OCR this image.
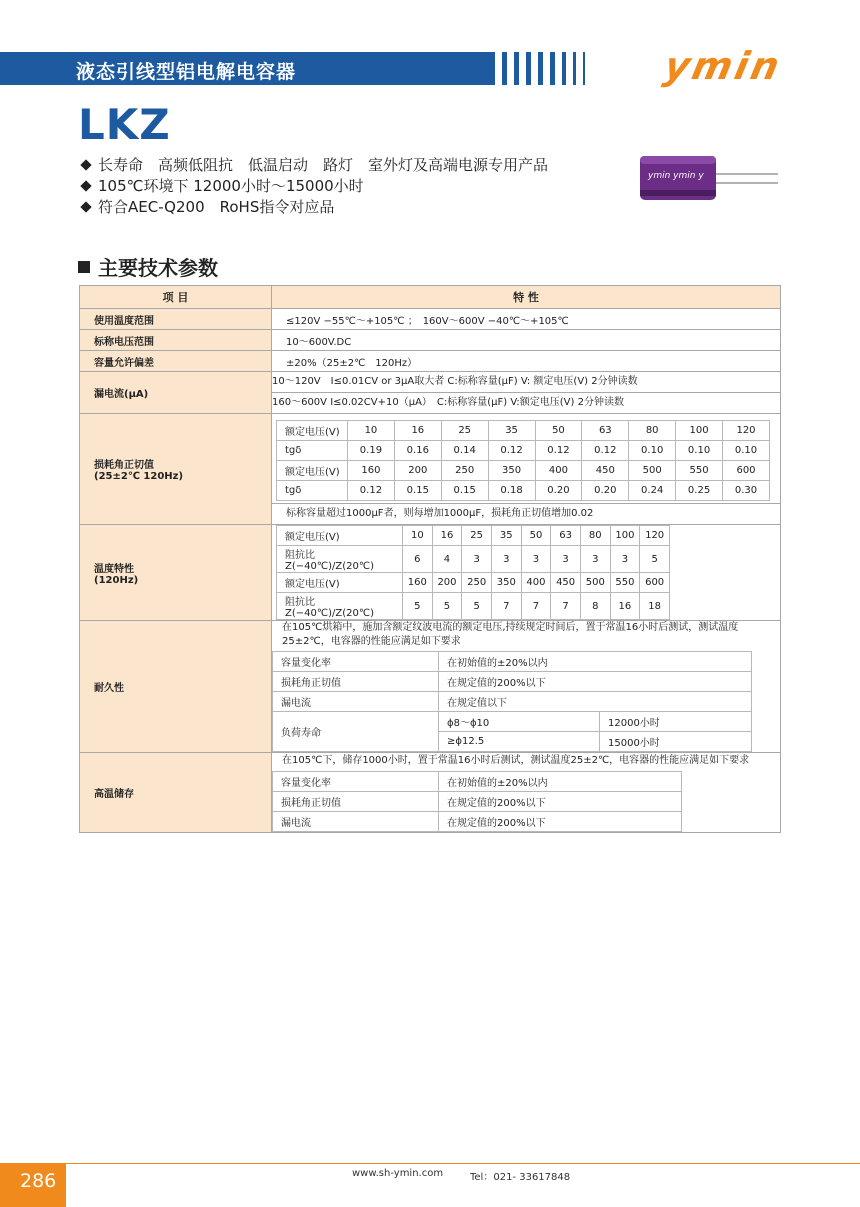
液态引线型铝电解电容器	ymin
LKZ
长寿命　高频低阻抗　低温启动　路灯　室外灯及高端电源专用产品
105℃环境下 12000小时～15000小时
符合AEC-Q200　RoHS指令对应品
ymin ymin y
主要技术参数
项 目	特 性
使用温度范围	≤120V −55℃～+105℃ ；　160V～600V −40℃～+105℃
标称电压范围	10～600V.DC
容量允许偏差	±20%（25±2℃　120Hz）
漏电流(μA)	
10～120V　I≤0.01CV or 3μA取大者 C:标称容量(μF) V: 额定电压(V) 2分钟读数
160～600V I≤0.02CV+10（μA）　C:标称容量(μF) V:额定电压(V) 2分钟读数

损耗角正切值
(25±2℃ 120Hz)	
额定电压(V)	10	16	25	35	50	63	80	100	120
tgδ	0.19	0.16	0.14	0.12	0.12	0.12	0.10	0.10	0.10
额定电压(V)	160	200	250	350	400	450	500	550	600
tgδ	0.12	0.15	0.15	0.18	0.20	0.20	0.24	0.25	0.30
标称容量超过1000μF者，则每增加1000μF，损耗角正切值增加0.02

温度特性
(120Hz)	
额定电压(V)	10	16	25	35	50	63	80	100	120
阻抗比Z(−40℃)/Z(20℃)	6	4	3	3	3	3	3	3	5
额定电压(V)	160	200	250	350	400	450	500	550	600
阻抗比Z(−40℃)/Z(20℃)	5	5	5	7	7	7	8	16	18

耐久性	
在105℃烘箱中，施加含额定纹波电流的额定电压,持续规定时间后，置于常温16小时后测试，测试温度25±2℃，电容器的性能应满足如下要求
容量变化率	在初始值的±20%以内
损耗角正切值	在规定值的200%以下
漏电流	在规定值以下
负荷寿命	ϕ8～ϕ10	12000小时
≥ϕ12.5	15000小时

高温储存	
在105℃下，储存1000小时，置于常温16小时后测试，测试温度25±2℃，电容器的性能应满足如下要求
容量变化率	在初始值的±20%以内
损耗角正切值	在规定值的200%以下
漏电流	在规定值的200%以下
286	www.sh-ymin.com	Tel：021- 33617848
